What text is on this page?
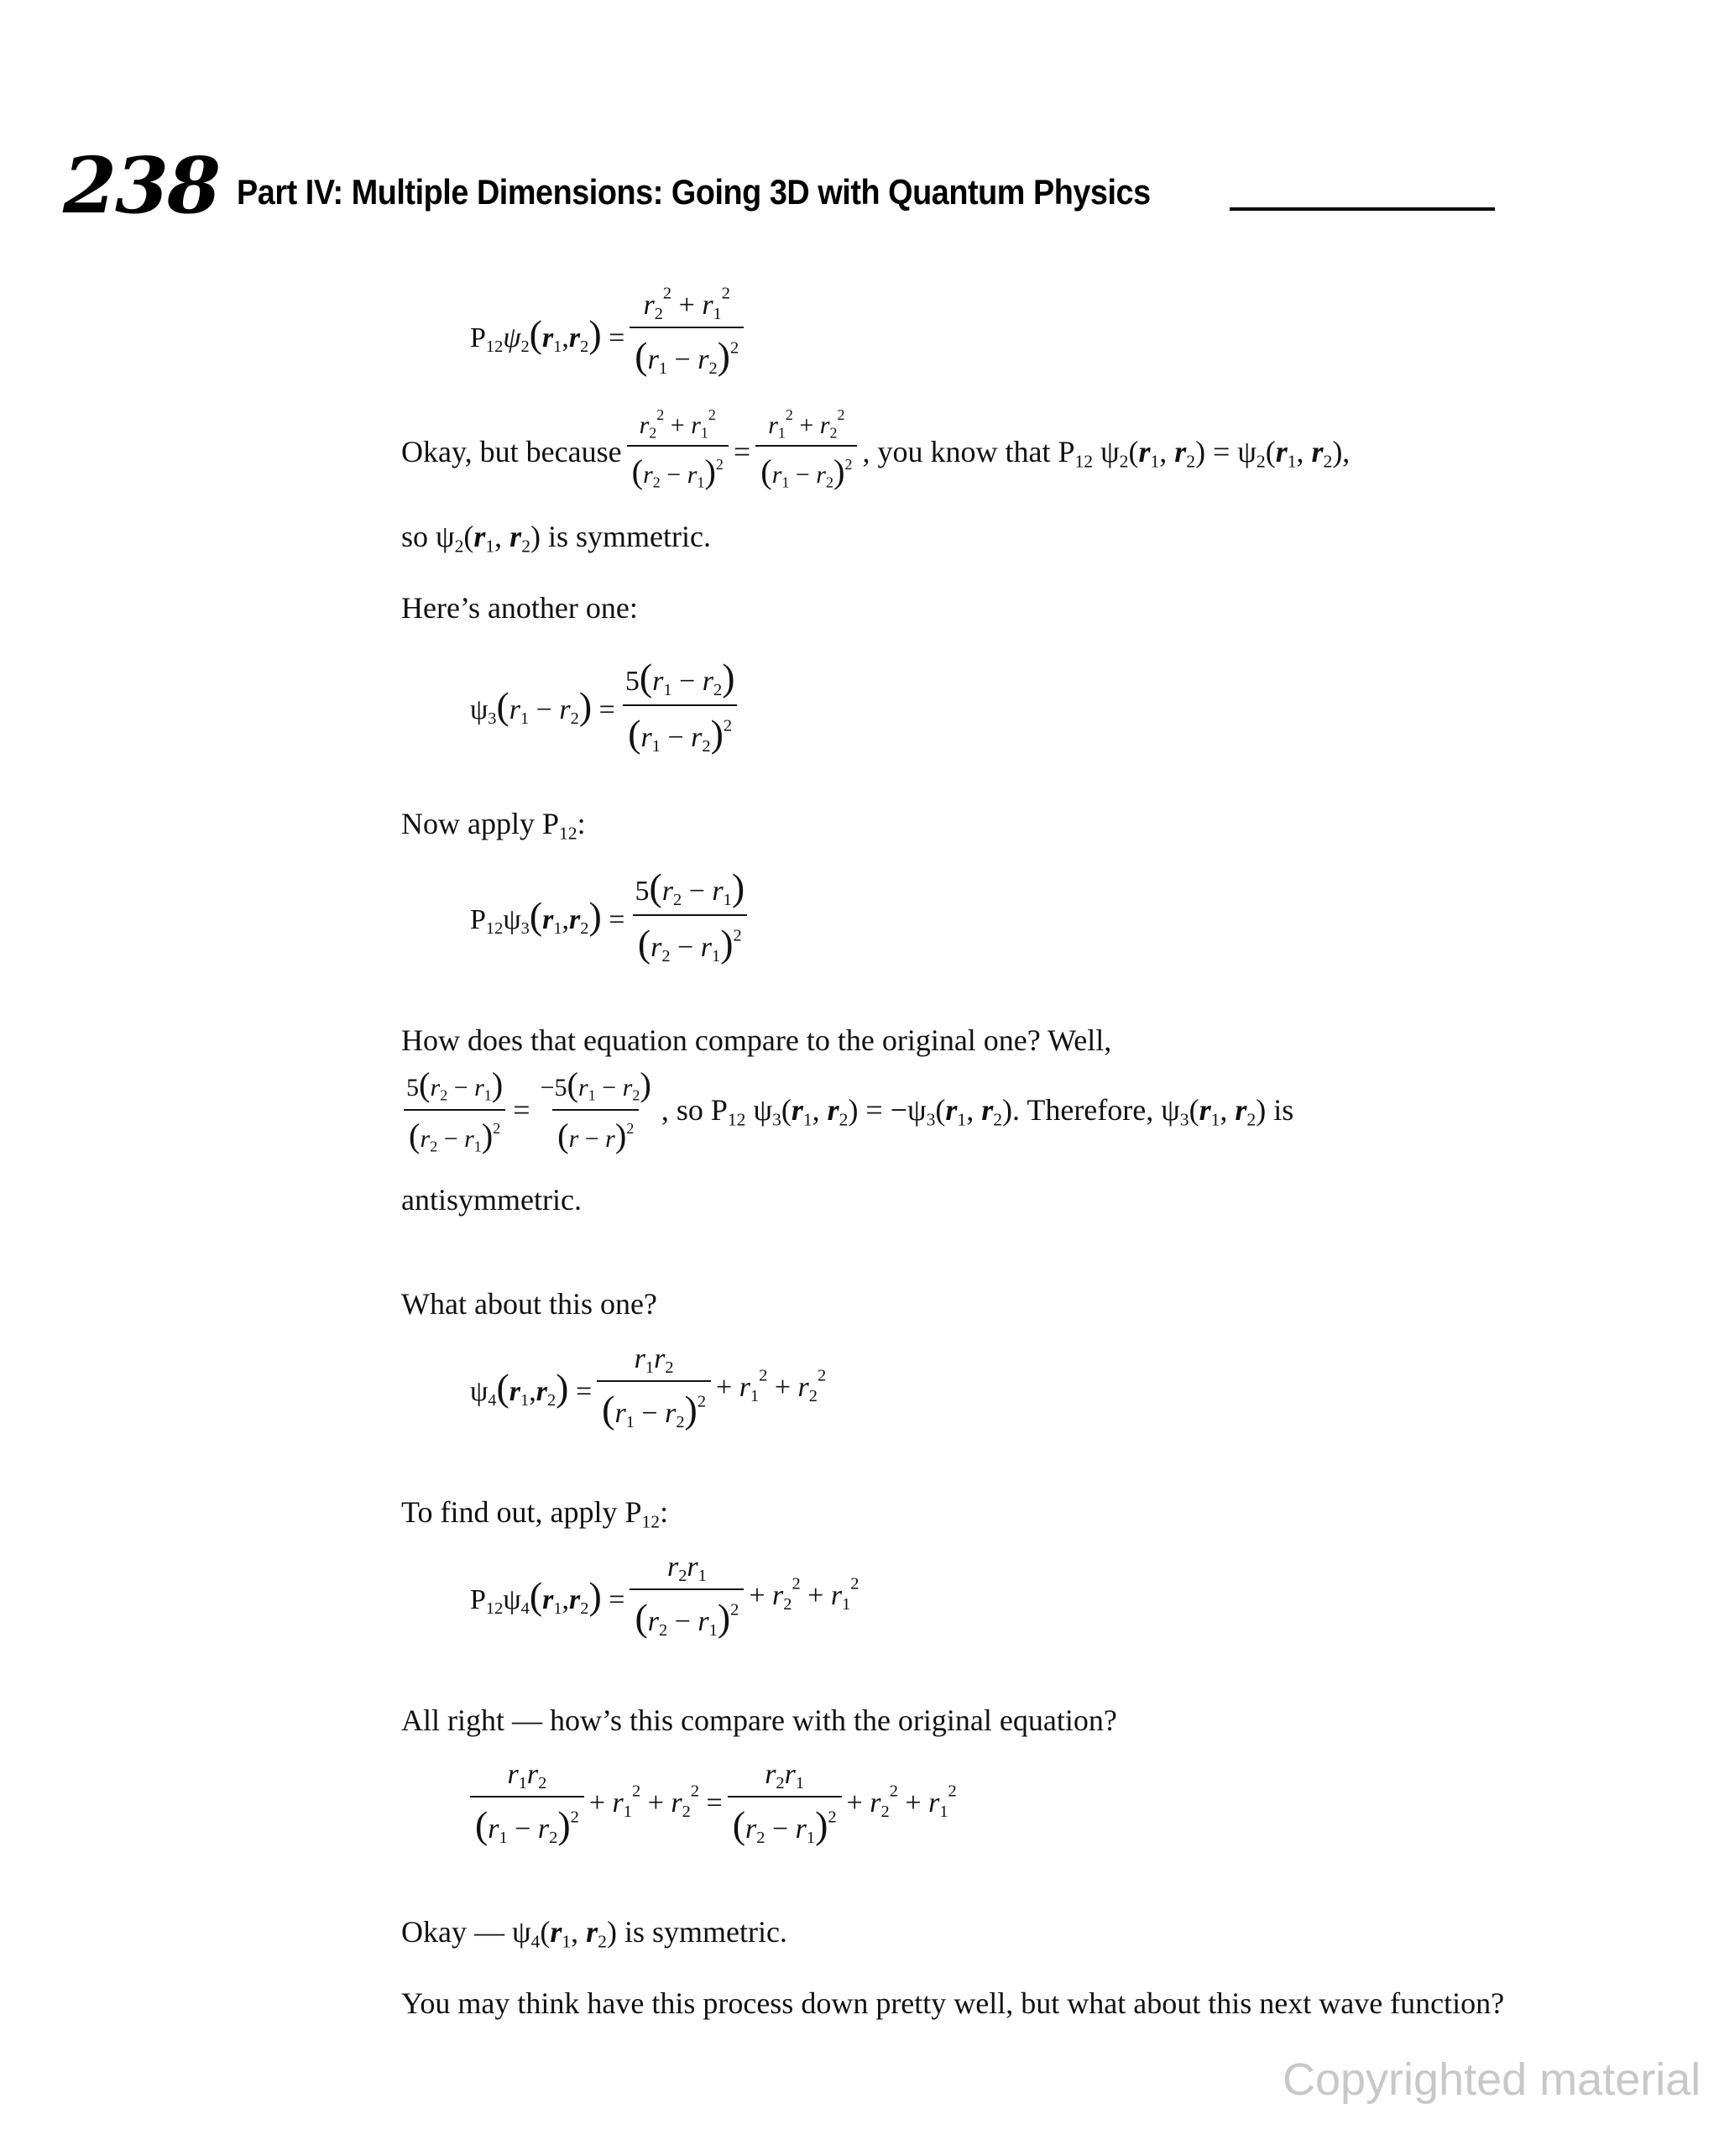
238 Part IV: Multiple Dimensions: Going 3D with Quantum Physics
$P_{12}\psi_2(r_1,r_2) = \frac{r_2^2 + r_1^2}{(r_1 - r_2)^2}$
Okay, but because $\frac{r_2^2 + r_1^2}{(r_2 - r_1)^2} = \frac{r_1^2 + r_2^2}{(r_1 - r_2)^2}$ , you know that $P_{12}$ $\psi_2(r_1$, $r_2) = \psi_2(r_1$, $r_2$),
so $\psi_2(r_1$, $r_2$) is symmetric.
Here’s another one:
$\psi_3(r_1 - r_2) = \frac{5(r_1 - r_2)}{(r_1 - r_2)^2}$
Now apply $P_{12}$:
$P_{12}\psi_3(r_1,r_2) = \frac{5(r_2 - r_1)}{(r_2 - r_1)^2}$
How does that equation compare to the original one? Well,
$\frac{5(r_2 - r_1)}{(r_2 - r_1)^2} = \frac{-5(r_1 - r_2)}{(r - r)^2}$ , so $P_{12}$ $\psi_3(r_1$, $r_2) = -\psi_3(r_1$, $r_2$) . Therefore, $\psi_3(r_1$, $r_2$) is
antisymmetric.
What about this one?
$\psi_4(r_1,r_2) = \frac{r_1r_2}{(r_1 - r_2)^2} + r_1^2 + r_2^2$
To find out, apply $P_{12}$:
$P_{12}\psi_4(r_1,r_2) = \frac{r_2r_1}{(r_2 - r_1)^2} + r_2^2 + r_1^2$
All right — how’s this compare with the original equation?
$\frac{r_1r_2}{(r_1 - r_2)^2} + r_1^2 + r_2^2 = \frac{r_2r_1}{(r_2 - r_1)^2} + r_2^2 + r_1^2$
Okay — $\psi_4(r_1$, $r_2$) is symmetric.
You may think have this process down pretty well, but what about this next wave function?
Copyrighted material
